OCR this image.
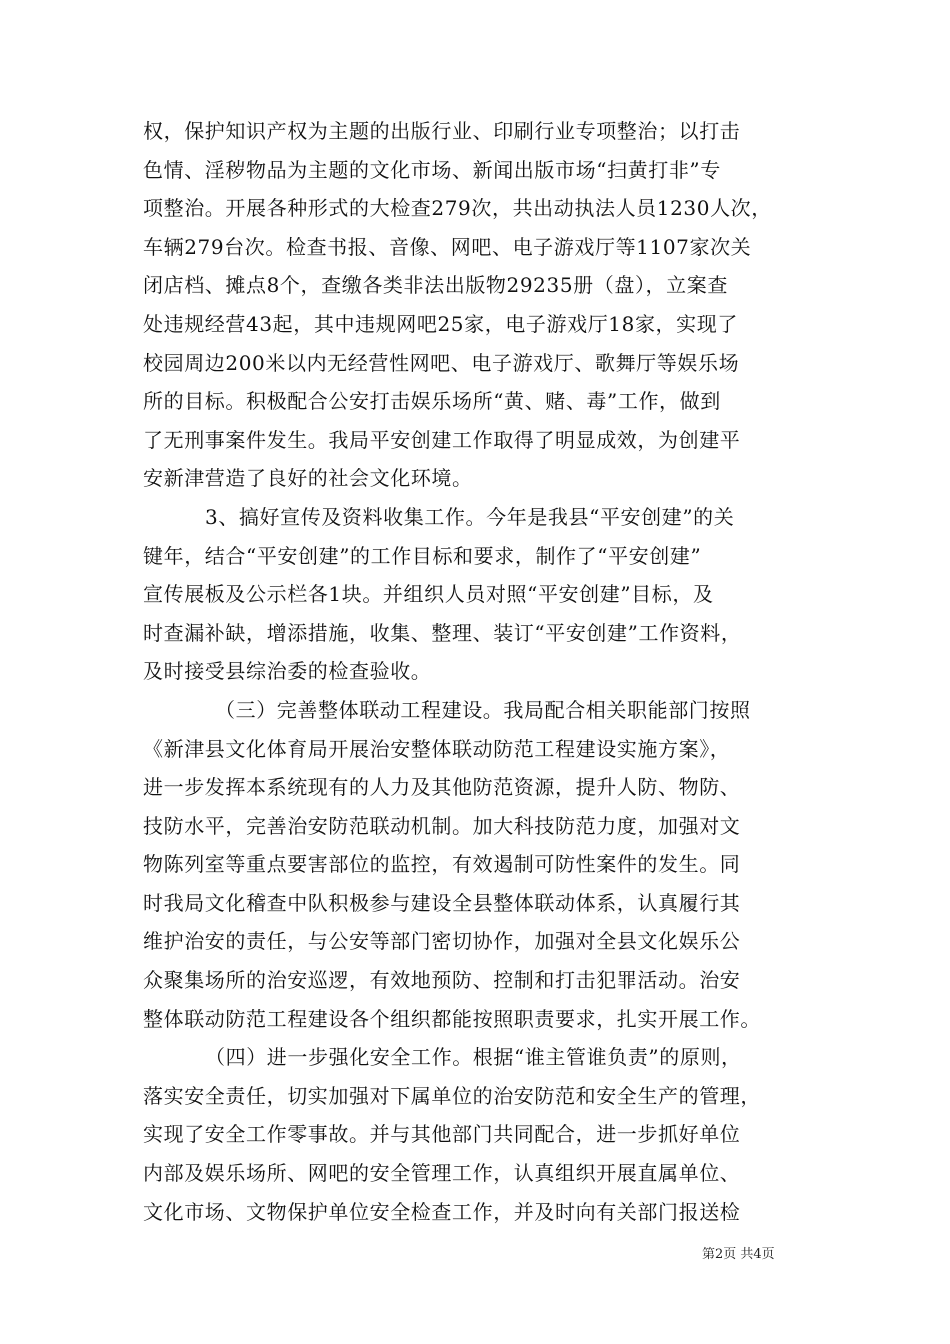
权，保护知识产权为主题的出版行业、印刷行业专项整治；以打击
色情、淫秽物品为主题的文化市场、新闻出版市场“扫黄打非”专
项整治。开展各种形式的大检查279次，共出动执法人员1230人次，
车辆279台次。检查书报、音像、网吧、电子游戏厅等1107家次关
闭店档、摊点8个，查缴各类非法出版物29235册（盘），立案查
处违规经营43起，其中违规网吧25家，电子游戏厅18家，实现了
校园周边200米以内无经营性网吧、电子游戏厅、歌舞厅等娱乐场
所的目标。积极配合公安打击娱乐场所“黄、赌、毒”工作，做到
了无刑事案件发生。我局平安创建工作取得了明显成效，为创建平
安新津营造了良好的社会文化环境。
3、搞好宣传及资料收集工作。今年是我县“平安创建”的关
键年，结合“平安创建”的工作目标和要求，制作了“平安创建”
宣传展板及公示栏各1块。并组织人员对照“平安创建”目标，及
时查漏补缺，增添措施，收集、整理、装订“平安创建”工作资料，
及时接受县综治委的检查验收。
（三）完善整体联动工程建设。我局配合相关职能部门按照
《新津县文化体育局开展治安整体联动防范工程建设实施方案》，
进一步发挥本系统现有的人力及其他防范资源，提升人防、物防、
技防水平，完善治安防范联动机制。加大科技防范力度，加强对文
物陈列室等重点要害部位的监控，有效遏制可防性案件的发生。同
时我局文化稽查中队积极参与建设全县整体联动体系，认真履行其
维护治安的责任，与公安等部门密切协作，加强对全县文化娱乐公
众聚集场所的治安巡逻，有效地预防、控制和打击犯罪活动。治安
整体联动防范工程建设各个组织都能按照职责要求，扎实开展工作。
（四）进一步强化安全工作。根据“谁主管谁负责”的原则，
落实安全责任，切实加强对下属单位的治安防范和安全生产的管理，
实现了安全工作零事故。并与其他部门共同配合，进一步抓好单位
内部及娱乐场所、网吧的安全管理工作，认真组织开展直属单位、
文化市场、文物保护单位安全检查工作，并及时向有关部门报送检
第2页 共4页
